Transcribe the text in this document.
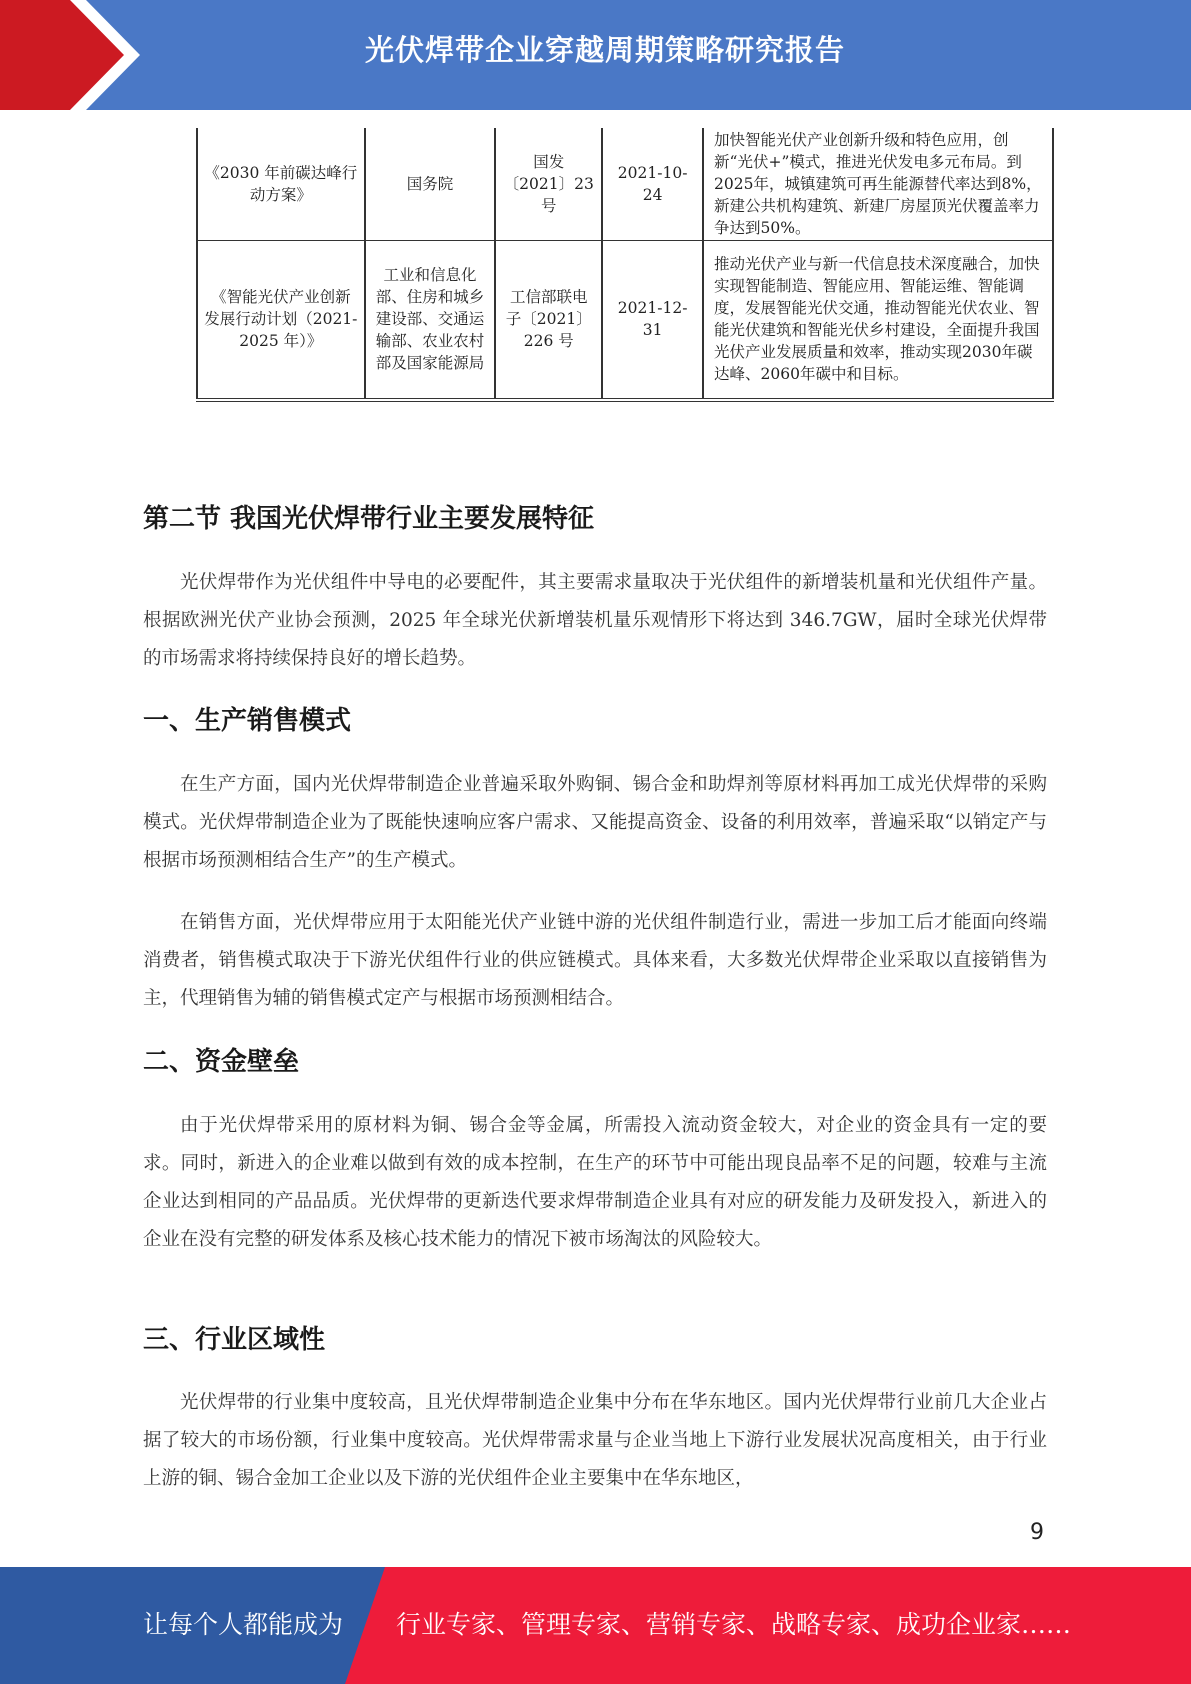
光伏焊带企业穿越周期策略研究报告
《2030 年前碳达峰行动方案》	国务院	国发〔2021〕23 号	2021-10-24	加快智能光伏产业创新升级和特色应用，创新“光伏+”模式，推进光伏发电多元布局。到2025年，城镇建筑可再生能源替代率达到8%，新建公共机构建筑、新建厂房屋顶光伏覆盖率力争达到50%。
《智能光伏产业创新发展行动计划（2021-2025 年）》	工业和信息化部、住房和城乡建设部、交通运输部、农业农村部及国家能源局	工信部联电子〔2021〕226 号	2021-12-31	推动光伏产业与新一代信息技术深度融合，加快实现智能制造、智能应用、智能运维、智能调度，发展智能光伏交通，推动智能光伏农业、智能光伏建筑和智能光伏乡村建设，全面提升我国光伏产业发展质量和效率，推动实现2030年碳达峰、2060年碳中和目标。
第二节 我国光伏焊带行业主要发展特征

光伏焊带作为光伏组件中导电的必要配件，其主要需求量取决于光伏组件的新增装机量和光伏组件产量。根据欧洲光伏产业协会预测，2025 年全球光伏新增装机量乐观情形下将达到 346.7GW，届时全球光伏焊带的市场需求将持续保持良好的增长趋势。

一、生产销售模式

在生产方面，国内光伏焊带制造企业普遍采取外购铜、锡合金和助焊剂等原材料再加工成光伏焊带的采购模式。光伏焊带制造企业为了既能快速响应客户需求、又能提高资金、设备的利用效率，普遍采取“以销定产与根据市场预测相结合生产”的生产模式。

在销售方面，光伏焊带应用于太阳能光伏产业链中游的光伏组件制造行业，需进一步加工后才能面向终端消费者，销售模式取决于下游光伏组件行业的供应链模式。具体来看，大多数光伏焊带企业采取以直接销售为主，代理销售为辅的销售模式定产与根据市场预测相结合。

二、资金壁垒

由于光伏焊带采用的原材料为铜、锡合金等金属，所需投入流动资金较大，对企业的资金具有一定的要求。同时，新进入的企业难以做到有效的成本控制，在生产的环节中可能出现良品率不足的问题，较难与主流企业达到相同的产品品质。光伏焊带的更新迭代要求焊带制造企业具有对应的研发能力及研发投入，新进入的企业在没有完整的研发体系及核心技术能力的情况下被市场淘汰的风险较大。

三、行业区域性

光伏焊带的行业集中度较高，且光伏焊带制造企业集中分布在华东地区。国内光伏焊带行业前几大企业占据了较大的市场份额，行业集中度较高。光伏焊带需求量与企业当地上下游行业发展状况高度相关，由于行业上游的铜、锡合金加工企业以及下游的光伏组件企业主要集中在华东地区，

9
让每个人都能成为 行业专家、管理专家、营销专家、战略专家、成功企业家……
